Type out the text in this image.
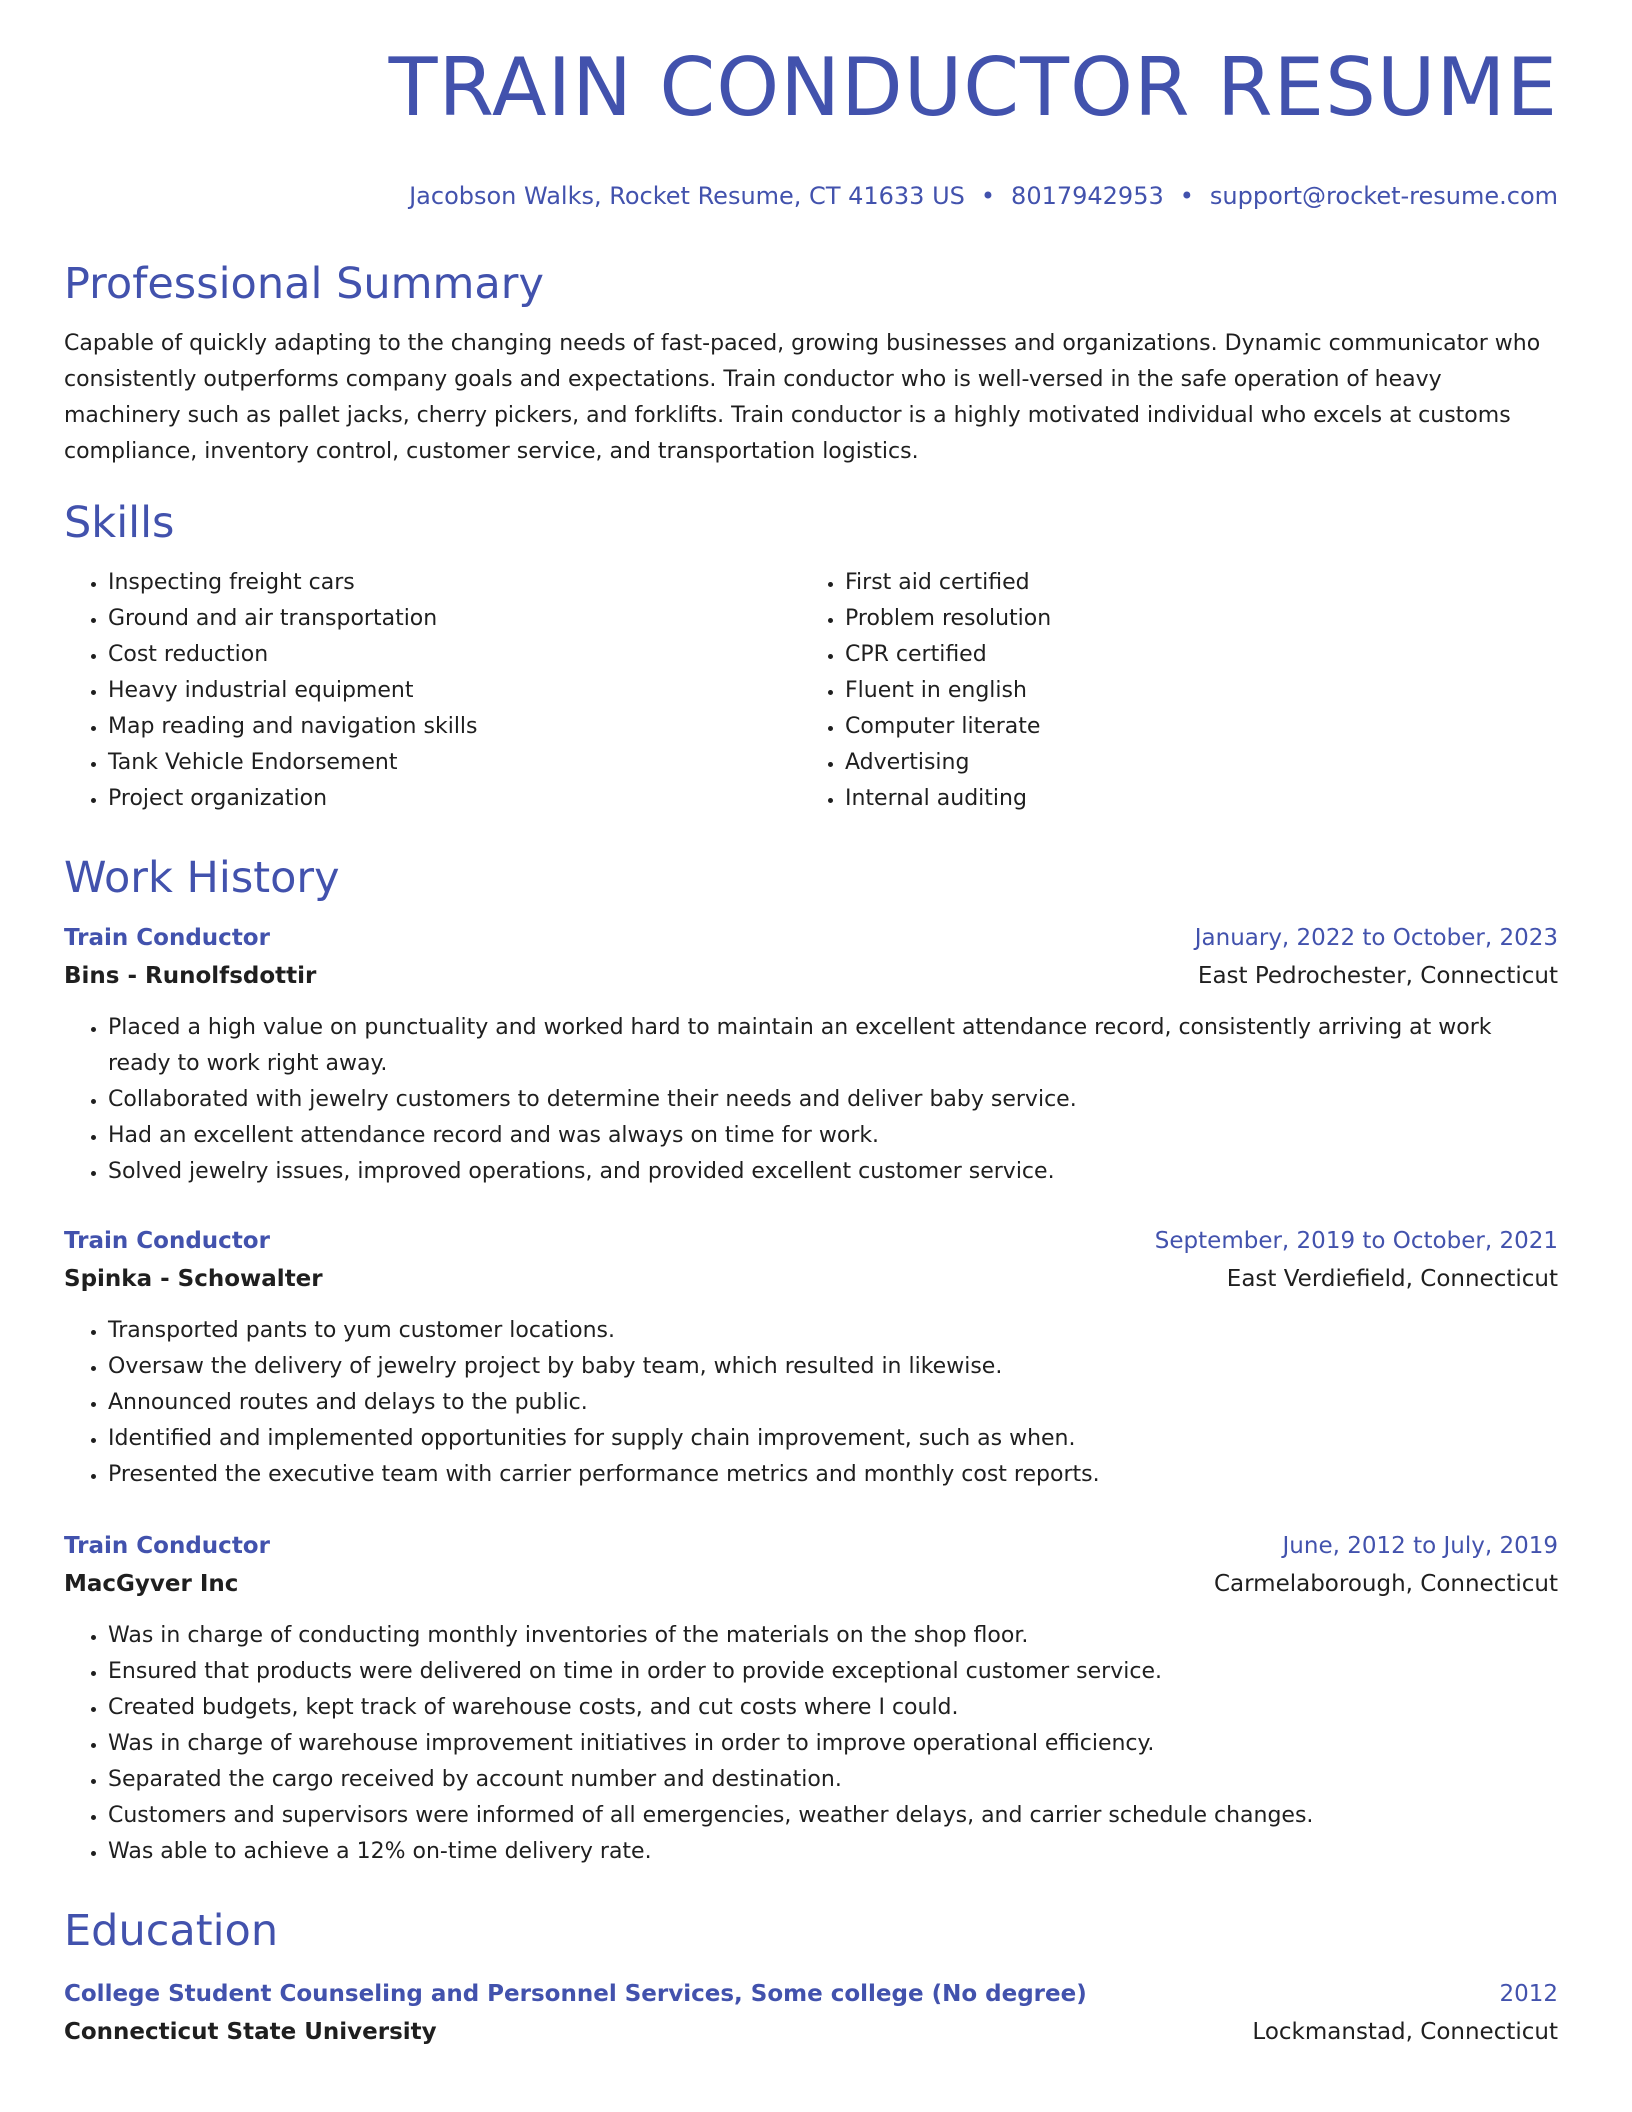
TRAIN CONDUCTOR RESUME
Jacobson Walks, Rocket Resume, CT 41633 US • 8017942953 • support@rocket-resume.com
Professional Summary

Capable of quickly adapting to the changing needs of fast-paced, growing businesses and organizations. Dynamic communicator who consistently outperforms company goals and expectations. Train conductor who is well-versed in the safe operation of heavy machinery such as pallet jacks, cherry pickers, and forklifts. Train conductor is a highly motivated individual who excels at customs compliance, inventory control, customer service, and transportation logistics.

Skills
• Inspecting freight cars
• Ground and air transportation
• Cost reduction
• Heavy industrial equipment
• Map reading and navigation skills
• Tank Vehicle Endorsement
• Project organization
• First aid certified
• Problem resolution
• CPR certified
• Fluent in english
• Computer literate
• Advertising
• Internal auditing
Work History
Train Conductor	January, 2022 to October, 2023
Bins - Runolfsdottir	East Pedrochester, Connecticut
• Placed a high value on punctuality and worked hard to maintain an excellent attendance record, consistently arriving at work ready to work right away.
• Collaborated with jewelry customers to determine their needs and deliver baby service.
• Had an excellent attendance record and was always on time for work.
• Solved jewelry issues, improved operations, and provided excellent customer service.
Train Conductor	September, 2019 to October, 2021
Spinka - Schowalter	East Verdiefield, Connecticut
• Transported pants to yum customer locations.
• Oversaw the delivery of jewelry project by baby team, which resulted in likewise.
• Announced routes and delays to the public.
• Identified and implemented opportunities for supply chain improvement, such as when.
• Presented the executive team with carrier performance metrics and monthly cost reports.
Train Conductor	June, 2012 to July, 2019
MacGyver Inc	Carmelaborough, Connecticut
• Was in charge of conducting monthly inventories of the materials on the shop floor.
• Ensured that products were delivered on time in order to provide exceptional customer service.
• Created budgets, kept track of warehouse costs, and cut costs where I could.
• Was in charge of warehouse improvement initiatives in order to improve operational efficiency.
• Separated the cargo received by account number and destination.
• Customers and supervisors were informed of all emergencies, weather delays, and carrier schedule changes.
• Was able to achieve a 12% on-time delivery rate.
Education
College Student Counseling and Personnel Services, Some college (No degree)	2012
Connecticut State University	Lockmanstad, Connecticut
